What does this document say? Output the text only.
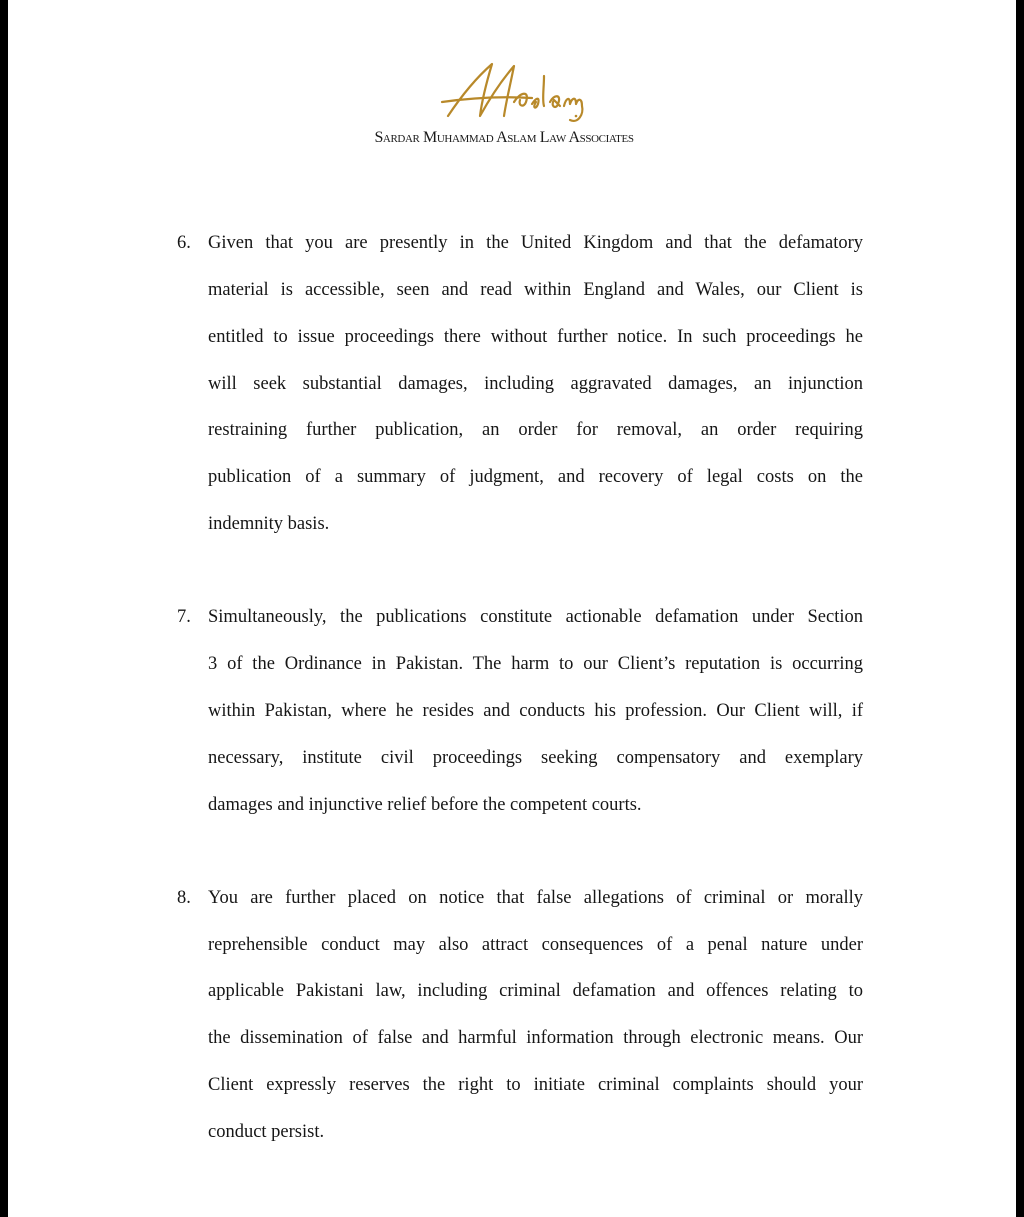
Sardar Muhammad Aslam Law Associates
6. Given that you are presently in the United Kingdom and that the defamatory
material is accessible, seen and read within England and Wales, our Client is
entitled to issue proceedings there without further notice. In such proceedings he
will seek substantial damages, including aggravated damages, an injunction
restraining further publication, an order for removal, an order requiring
publication of a summary of judgment, and recovery of legal costs on the
indemnity basis.
7. Simultaneously, the publications constitute actionable defamation under Section
3 of the Ordinance in Pakistan. The harm to our Client’s reputation is occurring
within Pakistan, where he resides and conducts his profession. Our Client will, if
necessary, institute civil proceedings seeking compensatory and exemplary
damages and injunctive relief before the competent courts.
8. You are further placed on notice that false allegations of criminal or morally
reprehensible conduct may also attract consequences of a penal nature under
applicable Pakistani law, including criminal defamation and offences relating to
the dissemination of false and harmful information through electronic means. Our
Client expressly reserves the right to initiate criminal complaints should your
conduct persist.
